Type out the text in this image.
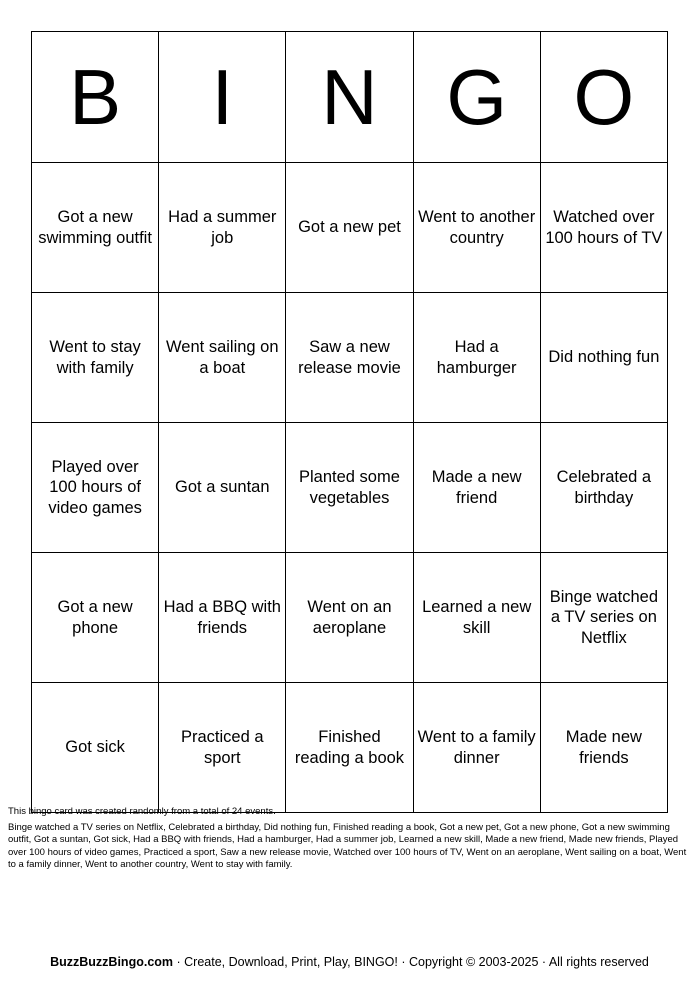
B	I	N	G	O
Got a new swimming outfit	Had a summer job	Got a new pet	Went to another country	Watched over 100 hours of TV
Went to stay with family	Went sailing on a boat	Saw a new release movie	Had a hamburger	Did nothing fun
Played over 100 hours of video games	Got a suntan	Planted some vegetables	Made a new friend	Celebrated a birthday
Got a new phone	Had a BBQ with friends	Went on an aeroplane	Learned a new skill	Binge watched a TV series on Netflix
Got sick	Practiced a sport	Finished reading a book	Went to a family dinner	Made new friends
This bingo card was created randomly from a total of 24 events.
Binge watched a TV series on Netflix, Celebrated a birthday, Did nothing fun, Finished reading a book, Got a new pet, Got a new phone, Got a new swimming outfit, Got a suntan, Got sick, Had a BBQ with friends, Had a hamburger, Had a summer job, Learned a new skill, Made a new friend, Made new friends, Played over 100 hours of video games, Practiced a sport, Saw a new release movie, Watched over 100 hours of TV, Went on an aeroplane, Went sailing on a boat, Went to a family dinner, Went to another country, Went to stay with family.
BuzzBuzzBingo.com · Create, Download, Print, Play, BINGO! · Copyright © 2003-2025 · All rights reserved
